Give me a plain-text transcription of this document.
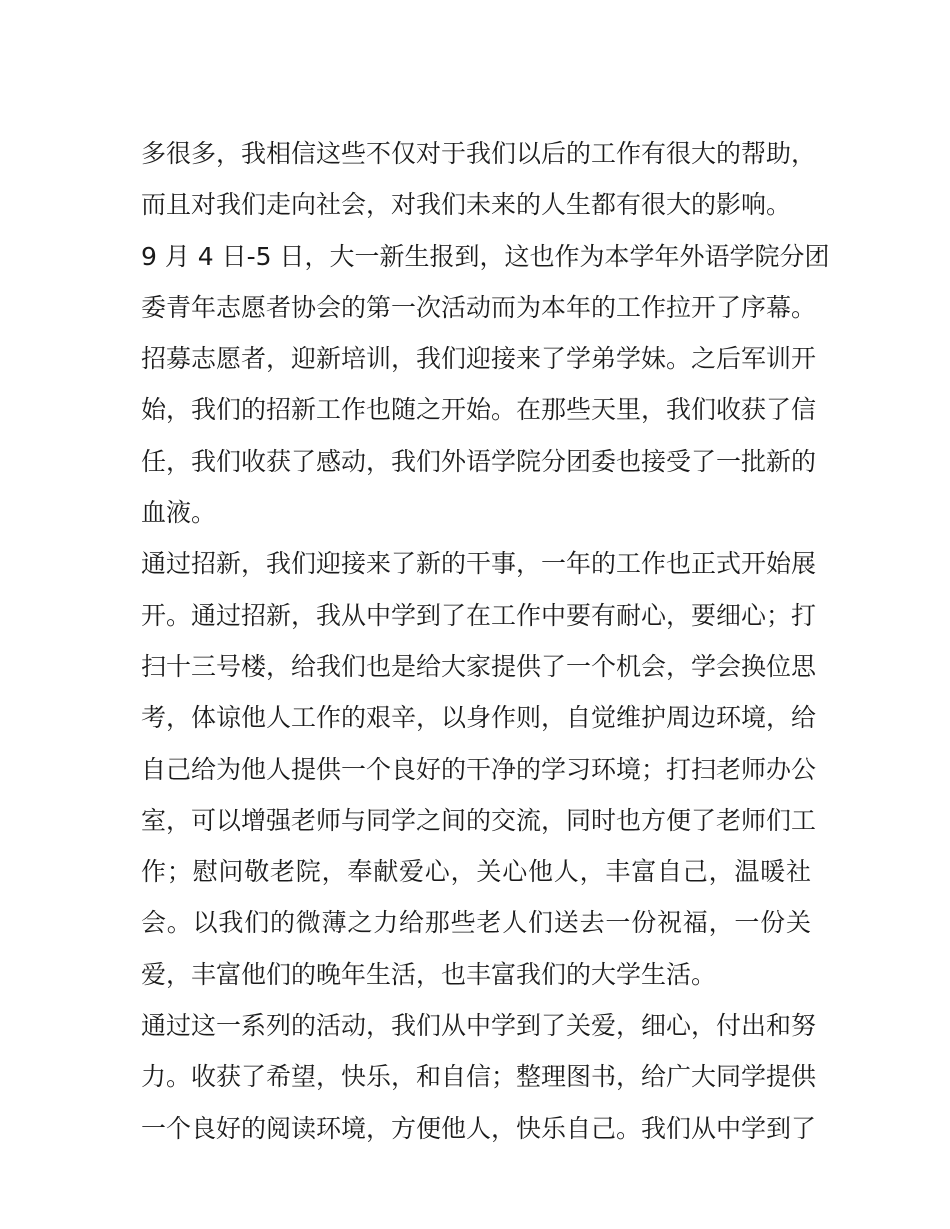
多很多，我相信这些不仅对于我们以后的工作有很大的帮助，
而且对我们走向社会，对我们未来的人生都有很大的影响。
9 月 4 日-5 日，大一新生报到，这也作为本学年外语学院分团
委青年志愿者协会的第一次活动而为本年的工作拉开了序幕。
招募志愿者，迎新培训，我们迎接来了学弟学妹。之后军训开
始，我们的招新工作也随之开始。在那些天里，我们收获了信
任，我们收获了感动，我们外语学院分团委也接受了一批新的
血液。
通过招新，我们迎接来了新的干事，一年的工作也正式开始展
开。通过招新，我从中学到了在工作中要有耐心，要细心；打
扫十三号楼，给我们也是给大家提供了一个机会，学会换位思
考，体谅他人工作的艰辛，以身作则，自觉维护周边环境，给
自己给为他人提供一个良好的干净的学习环境；打扫老师办公
室，可以增强老师与同学之间的交流，同时也方便了老师们工
作；慰问敬老院，奉献爱心，关心他人，丰富自己，温暖社
会。以我们的微薄之力给那些老人们送去一份祝福，一份关
爱，丰富他们的晚年生活，也丰富我们的大学生活。
通过这一系列的活动，我们从中学到了关爱，细心，付出和努
力。收获了希望，快乐，和自信；整理图书，给广大同学提供
一个良好的阅读环境，方便他人，快乐自己。我们从中学到了
